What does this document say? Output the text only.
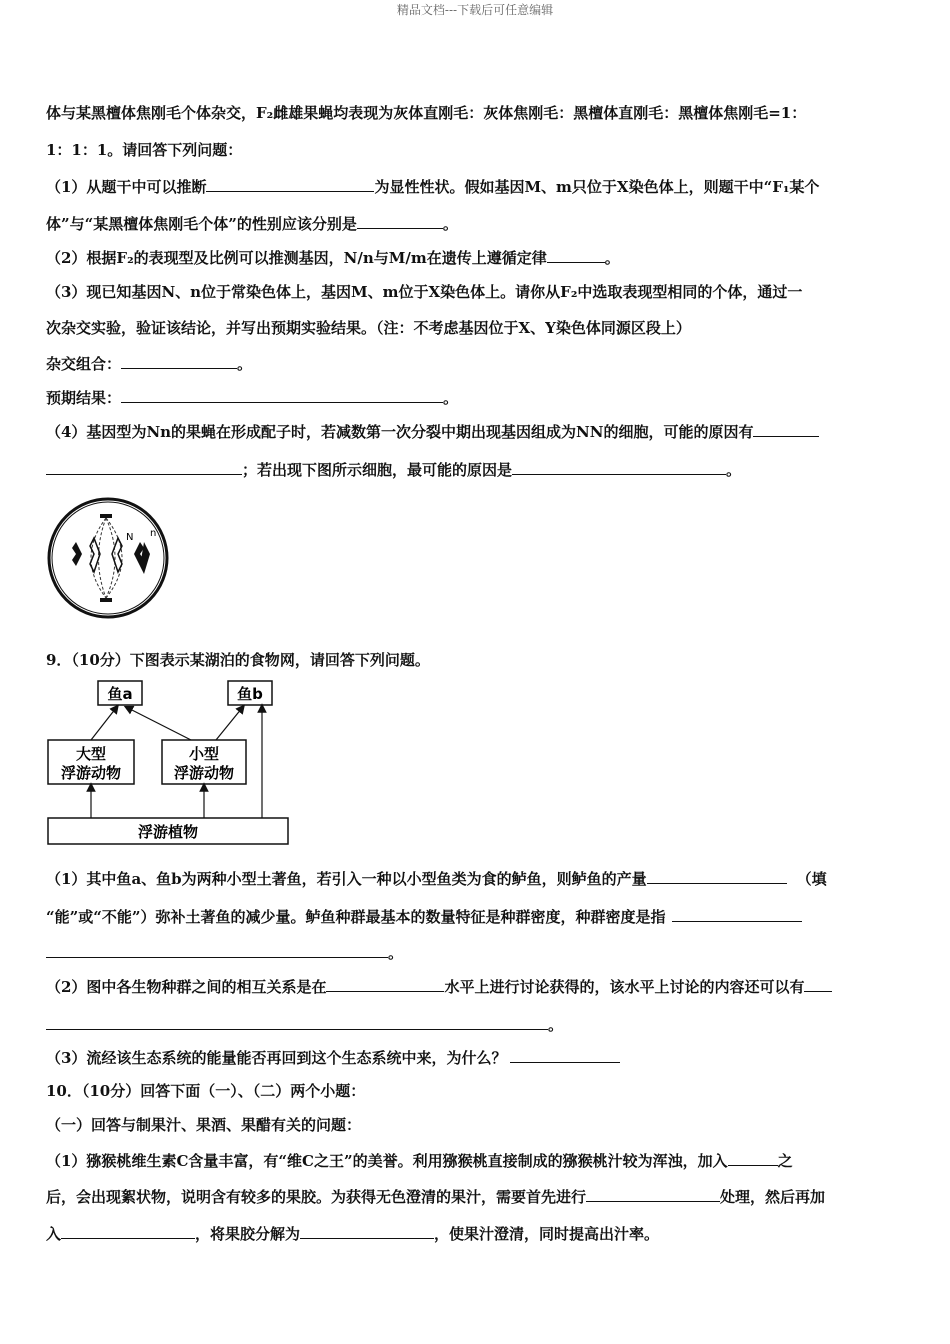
精品文档---下载后可任意编辑
体与某黑檀体焦刚毛个体杂交，F₂雌雄果蝇均表现为灰体直刚毛：灰体焦刚毛：黑檀体直刚毛：黑檀体焦刚毛=1：
1：1：1。请回答下列问题：
（1）从题干中可以推断	为显性性状。假如基因M、m只位于X染色体上，则题干中“F₁某个
体”与“某黑檀体焦刚毛个体”的性别应该分别是	。
（2）根据F₂的表现型及比例可以推测基因，N/n与M/m在遗传上遵循定律	。
（3）现已知基因N、n位于常染色体上，基因M、m位于X染色体上。请你从F₂中选取表现型相同的个体，通过一
次杂交实验，验证该结论，并写出预期实验结果。（注：不考虑基因位于X、Y染色体同源区段上）
杂交组合：	。
预期结果：	。
（4）基因型为Nn的果蝇在形成配子时，若减数第一次分裂中期出现基因组成为NN的细胞，可能的原因有
；若出现下图所示细胞，最可能的原因是	。
N n
9．（10分）下图表示某湖泊的食物网，请回答下列问题。
鱼a	鱼b
大型
浮游动物
小型
浮游动物
浮游植物
（1）其中鱼a、鱼b为两种小型土著鱼，若引入一种以小型鱼类为食的鲈鱼，则鲈鱼的产量	（填
“能”或“不能”）弥补土著鱼的减少量。鲈鱼种群最基本的数量特征是种群密度，种群密度是指
。
（2）图中各生物种群之间的相互关系是在	水平上进行讨论获得的，该水平上讨论的内容还可以有
。
（3）流经该生态系统的能量能否再回到这个生态系统中来，为什么？
10．（10分）回答下面（一）、（二）两个小题：
（一）回答与制果汁、果酒、果醋有关的问题：
（1）猕猴桃维生素C含量丰富，有“维C之王”的美誉。利用猕猴桃直接制成的猕猴桃汁较为浑浊，加入	之
后，会出现絮状物，说明含有较多的果胶。为获得无色澄清的果汁，需要首先进行	处理，然后再加
入	，将果胶分解为	，使果汁澄清，同时提高出汁率。
